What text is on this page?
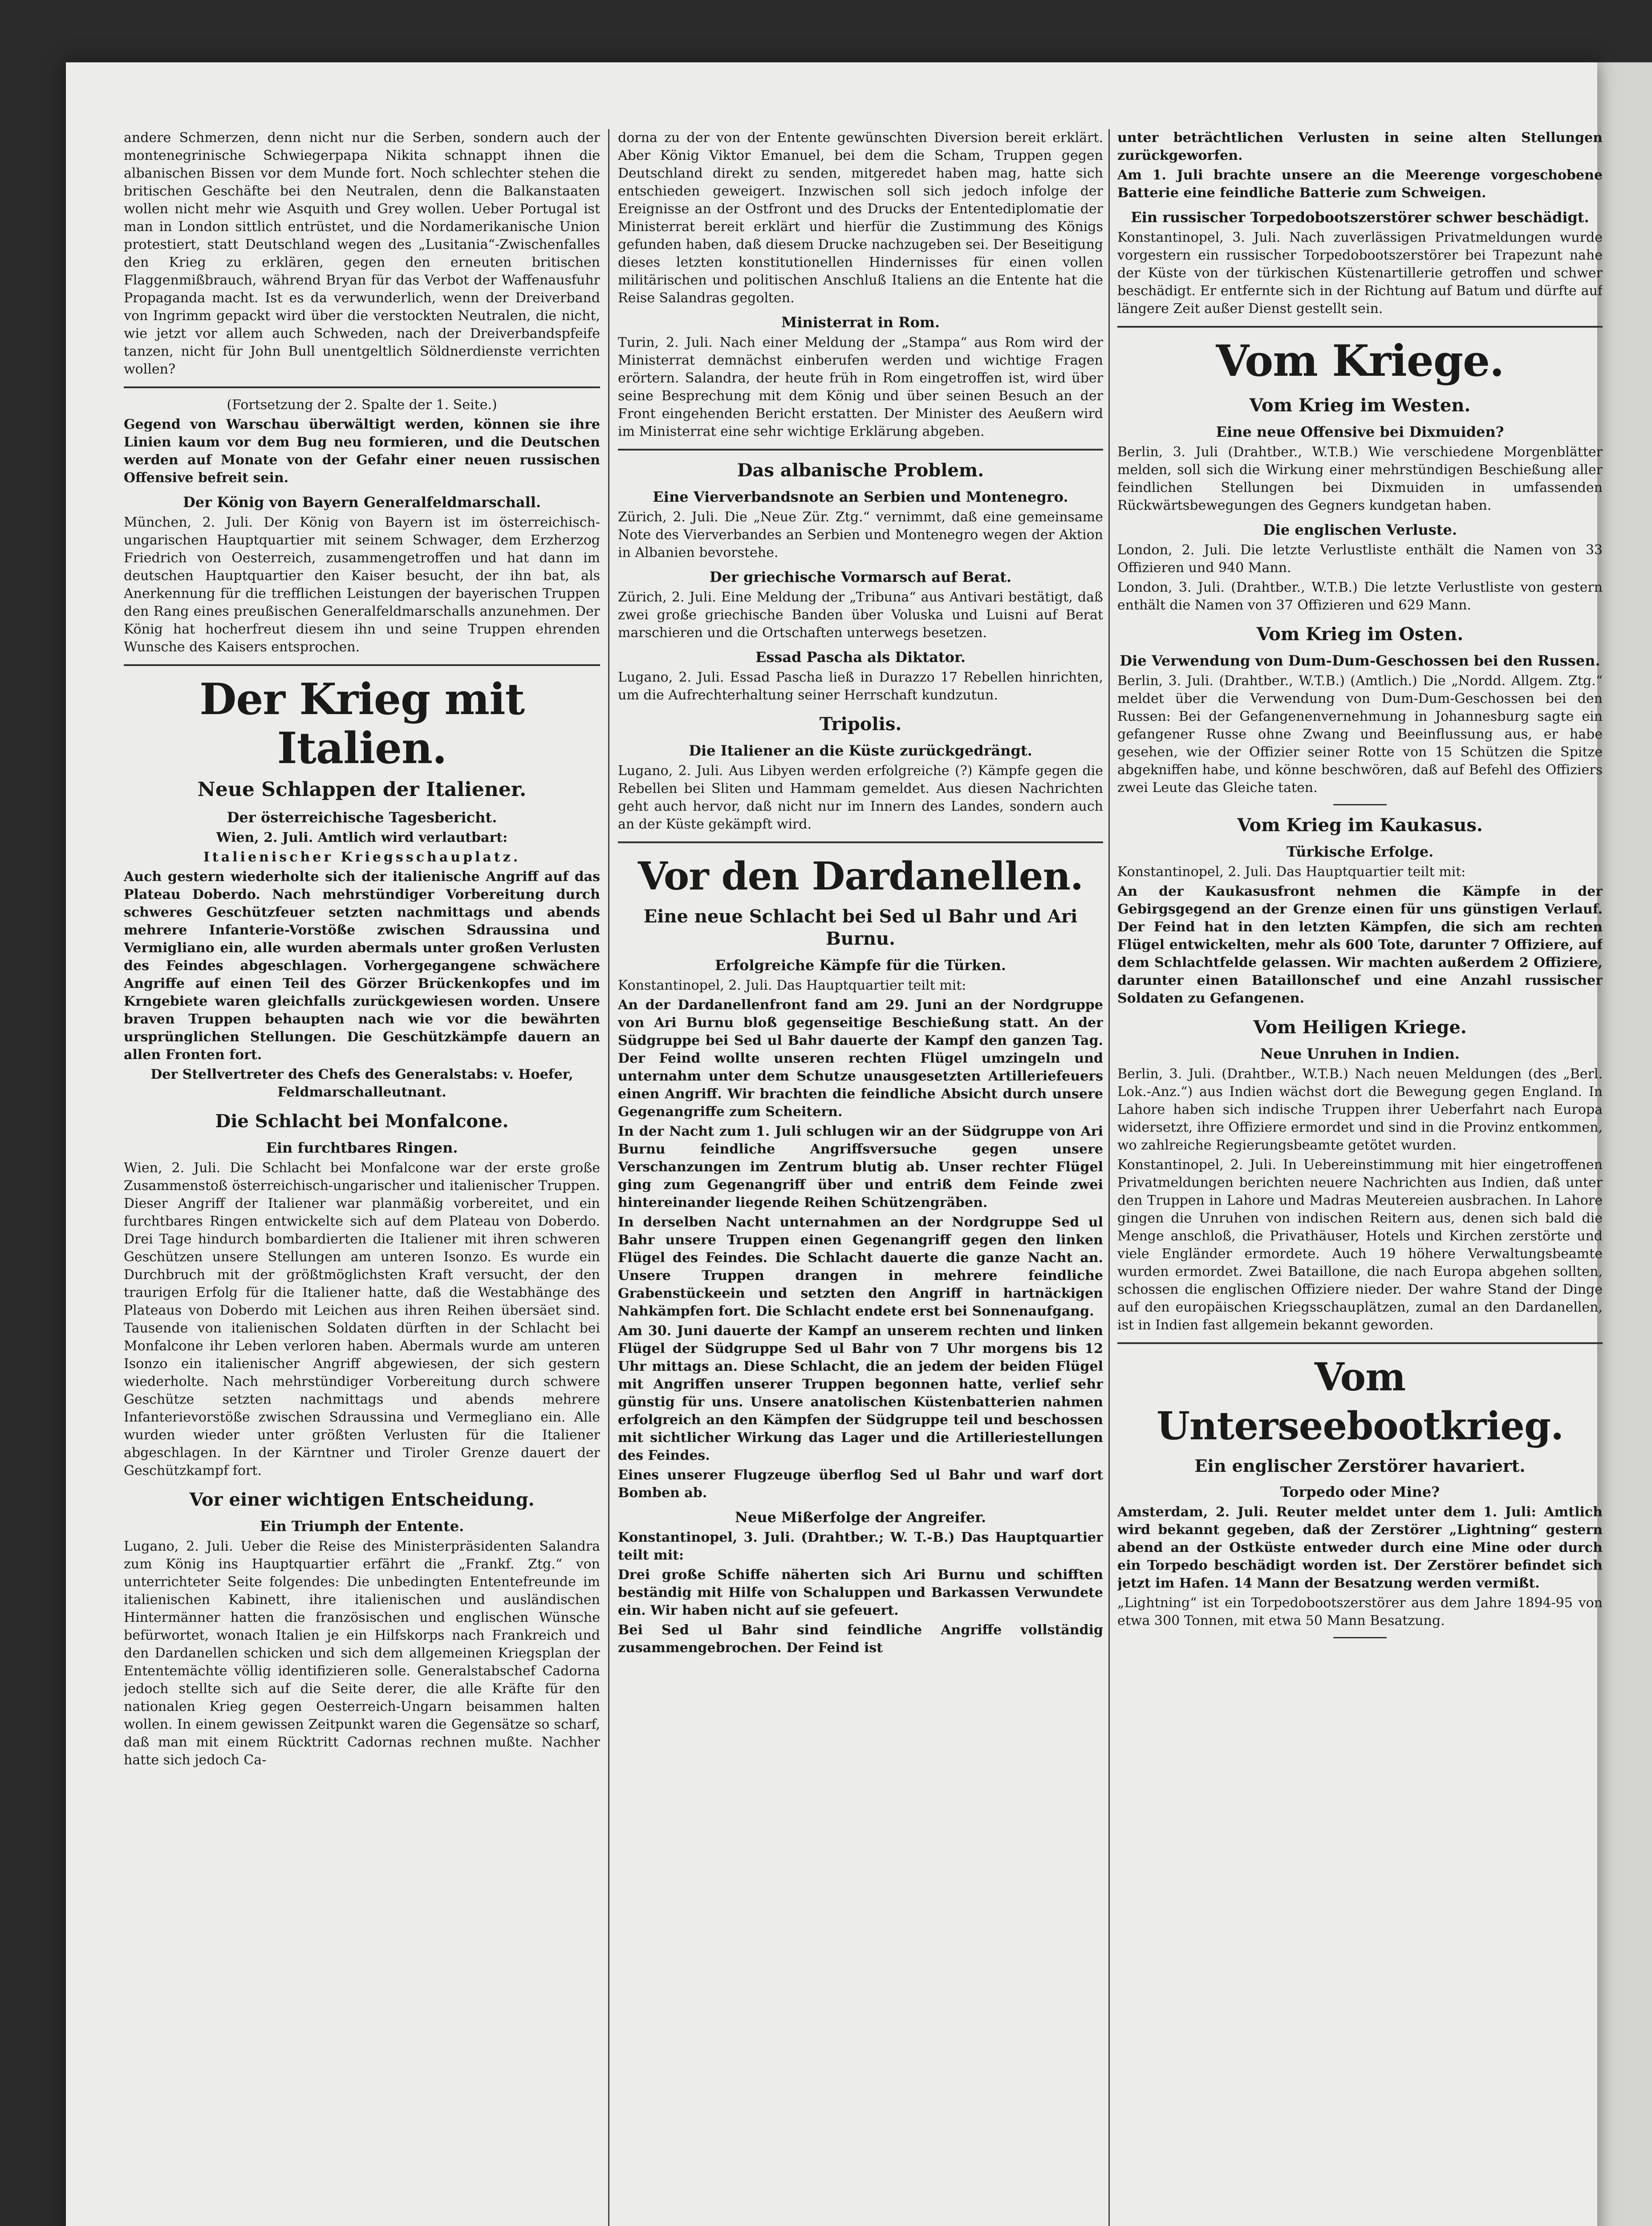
andere Schmerzen, denn nicht nur die Serben, sondern auch der montenegrinische Schwiegerpapa Nikita schnappt ihnen die albanischen Bissen vor dem Munde fort. Noch schlechter stehen die britischen Geschäfte bei den Neutralen, denn die Balkanstaaten wollen nicht mehr wie Asquith und Grey wollen. Ueber Portugal ist man in London sittlich entrüstet, und die Nordamerikanische Union protestiert, statt Deutschland wegen des „Lusitania“-Zwischenfalles den Krieg zu erklären, gegen den erneuten britischen Flaggenmißbrauch, während Bryan für das Verbot der Waffenausfuhr Propaganda macht. Ist es da verwunderlich, wenn der Dreiverband von Ingrimm gepackt wird über die verstockten Neutralen, die nicht, wie jetzt vor allem auch Schweden, nach der Dreiverbandspfeife tanzen, nicht für John Bull unentgeltlich Söldnerdienste verrichten wollen?

(Fortsetzung der 2. Spalte der 1. Seite.)

Gegend von Warschau überwältigt werden, können sie ihre Linien kaum vor dem Bug neu formieren, und die Deutschen werden auf Monate von der Gefahr einer neuen russischen Offensive befreit sein.

Der König von Bayern Generalfeldmarschall.

München, 2. Juli. Der König von Bayern ist im österreichisch-ungarischen Hauptquartier mit seinem Schwager, dem Erzherzog Friedrich von Oesterreich, zusammengetroffen und hat dann im deutschen Hauptquartier den Kaiser besucht, der ihn bat, als Anerkennung für die trefflichen Leistungen der bayerischen Truppen den Rang eines preußischen Generalfeldmarschalls anzunehmen. Der König hat hocherfreut diesem ihn und seine Truppen ehrenden Wunsche des Kaisers entsprochen.

Der Krieg mit Italien.
Neue Schlappen der Italiener.
Der österreichische Tagesbericht.

Wien, 2. Juli. Amtlich wird verlautbart:

Italienischer Kriegsschauplatz.

Auch gestern wiederholte sich der italienische Angriff auf das Plateau Doberdo. Nach mehrstündiger Vorbereitung durch schweres Geschützfeuer setzten nachmittags und abends mehrere Infanterie-Vorstöße zwischen Sdraussina und Vermigliano ein, alle wurden abermals unter großen Verlusten des Feindes abgeschlagen. Vorhergegangene schwächere Angriffe auf einen Teil des Görzer Brückenkopfes und im Krngebiete waren gleichfalls zurückgewiesen worden. Unsere braven Truppen behaupten nach wie vor die bewährten ursprünglichen Stellungen. Die Geschützkämpfe dauern an allen Fronten fort.

Der Stellvertreter des Chefs des Generalstabs: v. Hoefer, Feldmarschalleutnant.

Die Schlacht bei Monfalcone.
Ein furchtbares Ringen.

Wien, 2. Juli. Die Schlacht bei Monfalcone war der erste große Zusammenstoß österreichisch-ungarischer und italienischer Truppen. Dieser Angriff der Italiener war planmäßig vorbereitet, und ein furchtbares Ringen entwickelte sich auf dem Plateau von Doberdo. Drei Tage hindurch bombardierten die Italiener mit ihren schweren Geschützen unsere Stellungen am unteren Isonzo. Es wurde ein Durchbruch mit der größtmöglichsten Kraft versucht, der den traurigen Erfolg für die Italiener hatte, daß die Westabhänge des Plateaus von Doberdo mit Leichen aus ihren Reihen übersäet sind. Tausende von italienischen Soldaten dürften in der Schlacht bei Monfalcone ihr Leben verloren haben. Abermals wurde am unteren Isonzo ein italienischer Angriff abgewiesen, der sich gestern wiederholte. Nach mehrstündiger Vorbereitung durch schwere Geschütze setzten nachmittags und abends mehrere Infanterievorstöße zwischen Sdraussina und Vermegliano ein. Alle wurden wieder unter größten Verlusten für die Italiener abgeschlagen. In der Kärntner und Tiroler Grenze dauert der Geschützkampf fort.

Vor einer wichtigen Entscheidung.
Ein Triumph der Entente.

Lugano, 2. Juli. Ueber die Reise des Ministerpräsidenten Salandra zum König ins Hauptquartier erfährt die „Frankf. Ztg.“ von unterrichteter Seite folgendes: Die unbedingten Ententefreunde im italienischen Kabinett, ihre italienischen und ausländischen Hintermänner hatten die französischen und englischen Wünsche befürwortet, wonach Italien je ein Hilfskorps nach Frankreich und den Dardanellen schicken und sich dem allgemeinen Kriegsplan der Ententemächte völlig identifizieren solle. Generalstabschef Cadorna jedoch stellte sich auf die Seite derer, die alle Kräfte für den nationalen Krieg gegen Oesterreich-Ungarn beisammen halten wollen. In einem gewissen Zeitpunkt waren die Gegensätze so scharf, daß man mit einem Rücktritt Cadornas rechnen mußte. Nachher hatte sich jedoch Ca-

dorna zu der von der Entente gewünschten Diversion bereit erklärt. Aber König Viktor Emanuel, bei dem die Scham, Truppen gegen Deutschland direkt zu senden, mitgeredet haben mag, hatte sich entschieden geweigert. Inzwischen soll sich jedoch infolge der Ereignisse an der Ostfront und des Drucks der Ententediplomatie der Ministerrat bereit erklärt und hierfür die Zustimmung des Königs gefunden haben, daß diesem Drucke nachzugeben sei. Der Beseitigung dieses letzten konstitutionellen Hindernisses für einen vollen militärischen und politischen Anschluß Italiens an die Entente hat die Reise Salandras gegolten.

Ministerrat in Rom.

Turin, 2. Juli. Nach einer Meldung der „Stampa“ aus Rom wird der Ministerrat demnächst einberufen werden und wichtige Fragen erörtern. Salandra, der heute früh in Rom eingetroffen ist, wird über seine Besprechung mit dem König und über seinen Besuch an der Front eingehenden Bericht erstatten. Der Minister des Aeußern wird im Ministerrat eine sehr wichtige Erklärung abgeben.

Das albanische Problem.
Eine Vierverbandsnote an Serbien und Montenegro.

Zürich, 2. Juli. Die „Neue Zür. Ztg.“ vernimmt, daß eine gemeinsame Note des Vierverbandes an Serbien und Montenegro wegen der Aktion in Albanien bevorstehe.

Der griechische Vormarsch auf Berat.

Zürich, 2. Juli. Eine Meldung der „Tribuna“ aus Antivari bestätigt, daß zwei große griechische Banden über Voluska und Luisni auf Berat marschieren und die Ortschaften unterwegs besetzen.

Essad Pascha als Diktator.

Lugano, 2. Juli. Essad Pascha ließ in Durazzo 17 Rebellen hinrichten, um die Aufrechterhaltung seiner Herrschaft kundzutun.

Tripolis.
Die Italiener an die Küste zurückgedrängt.

Lugano, 2. Juli. Aus Libyen werden erfolgreiche (?) Kämpfe gegen die Rebellen bei Sliten und Hammam gemeldet. Aus diesen Nachrichten geht auch hervor, daß nicht nur im Innern des Landes, sondern auch an der Küste gekämpft wird.

Vor den Dardanellen.
Eine neue Schlacht bei Sed ul Bahr und Ari Burnu.
Erfolgreiche Kämpfe für die Türken.

Konstantinopel, 2. Juli. Das Hauptquartier teilt mit:

An der Dardanellenfront fand am 29. Juni an der Nordgruppe von Ari Burnu bloß gegenseitige Beschießung statt. An der Südgruppe bei Sed ul Bahr dauerte der Kampf den ganzen Tag. Der Feind wollte unseren rechten Flügel umzingeln und unternahm unter dem Schutze unausgesetzten Artilleriefeuers einen Angriff. Wir brachten die feindliche Absicht durch unsere Gegenangriffe zum Scheitern.

In der Nacht zum 1. Juli schlugen wir an der Südgruppe von Ari Burnu feindliche Angriffsversuche gegen unsere Verschanzungen im Zentrum blutig ab. Unser rechter Flügel ging zum Gegenangriff über und entriß dem Feinde zwei hintereinander liegende Reihen Schützengräben.

In derselben Nacht unternahmen an der Nordgruppe Sed ul Bahr unsere Truppen einen Gegenangriff gegen den linken Flügel des Feindes. Die Schlacht dauerte die ganze Nacht an. Unsere Truppen drangen in mehrere feindliche Grabenstückeein und setzten den Angriff in hartnäckigen Nahkämpfen fort. Die Schlacht endete erst bei Sonnenaufgang.

Am 30. Juni dauerte der Kampf an unserem rechten und linken Flügel der Südgruppe Sed ul Bahr von 7 Uhr morgens bis 12 Uhr mittags an. Diese Schlacht, die an jedem der beiden Flügel mit Angriffen unserer Truppen begonnen hatte, verlief sehr günstig für uns. Unsere anatolischen Küstenbatterien nahmen erfolgreich an den Kämpfen der Südgruppe teil und beschossen mit sichtlicher Wirkung das Lager und die Artilleriestellungen des Feindes.

Eines unserer Flugzeuge überflog Sed ul Bahr und warf dort Bomben ab.

Neue Mißerfolge der Angreifer.

Konstantinopel, 3. Juli. (Drahtber.; W. T.-B.) Das Hauptquartier teilt mit:

Drei große Schiffe näherten sich Ari Burnu und schifften beständig mit Hilfe von Schaluppen und Barkassen Verwundete ein. Wir haben nicht auf sie gefeuert.

Bei Sed ul Bahr sind feindliche Angriffe vollständig zusammengebrochen. Der Feind ist

unter beträchtlichen Verlusten in seine alten Stellungen zurückgeworfen.

Am 1. Juli brachte unsere an die Meerenge vorgeschobene Batterie eine feindliche Batterie zum Schweigen.

Ein russischer Torpedobootszerstörer schwer beschädigt.

Konstantinopel, 3. Juli. Nach zuverlässigen Privatmeldungen wurde vorgestern ein russischer Torpedobootszerstörer bei Trapezunt nahe der Küste von der türkischen Küstenartillerie getroffen und schwer beschädigt. Er entfernte sich in der Richtung auf Batum und dürfte auf längere Zeit außer Dienst gestellt sein.

Vom Kriege.
Vom Krieg im Westen.
Eine neue Offensive bei Dixmuiden?

Berlin, 3. Juli (Drahtber., W.T.B.) Wie verschiedene Morgenblätter melden, soll sich die Wirkung einer mehrstündigen Beschießung aller feindlichen Stellungen bei Dixmuiden in umfassenden Rückwärtsbewegungen des Gegners kundgetan haben.

Die englischen Verluste.

London, 2. Juli. Die letzte Verlustliste enthält die Namen von 33 Offizieren und 940 Mann.

London, 3. Juli. (Drahtber., W.T.B.) Die letzte Verlustliste von gestern enthält die Namen von 37 Offizieren und 629 Mann.

Vom Krieg im Osten.
Die Verwendung von Dum-Dum-Geschossen bei den Russen.

Berlin, 3. Juli. (Drahtber., W.T.B.) (Amtlich.) Die „Nordd. Allgem. Ztg.“ meldet über die Verwendung von Dum-Dum-Geschossen bei den Russen: Bei der Gefangenenvernehmung in Johannesburg sagte ein gefangener Russe ohne Zwang und Beeinflussung aus, er habe gesehen, wie der Offizier seiner Rotte von 15 Schützen die Spitze abgekniffen habe, und könne beschwören, daß auf Befehl des Offiziers zwei Leute das Gleiche taten.

Vom Krieg im Kaukasus.
Türkische Erfolge.

Konstantinopel, 2. Juli. Das Hauptquartier teilt mit:

An der Kaukasusfront nehmen die Kämpfe in der Gebirgsgegend an der Grenze einen für uns günstigen Verlauf. Der Feind hat in den letzten Kämpfen, die sich am rechten Flügel entwickelten, mehr als 600 Tote, darunter 7 Offiziere, auf dem Schlachtfelde gelassen. Wir machten außerdem 2 Offiziere, darunter einen Bataillonschef und eine Anzahl russischer Soldaten zu Gefangenen.

Vom Heiligen Kriege.
Neue Unruhen in Indien.

Berlin, 3. Juli. (Drahtber., W.T.B.) Nach neuen Meldungen (des „Berl. Lok.-Anz.“) aus Indien wächst dort die Bewegung gegen England. In Lahore haben sich indische Truppen ihrer Ueberfahrt nach Europa widersetzt, ihre Offiziere ermordet und sind in die Provinz entkommen, wo zahlreiche Regierungsbeamte getötet wurden.

Konstantinopel, 2. Juli. In Uebereinstimmung mit hier eingetroffenen Privatmeldungen berichten neuere Nachrichten aus Indien, daß unter den Truppen in Lahore und Madras Meutereien ausbrachen. In Lahore gingen die Unruhen von indischen Reitern aus, denen sich bald die Menge anschloß, die Privathäuser, Hotels und Kirchen zerstörte und viele Engländer ermordete. Auch 19 höhere Verwaltungsbeamte wurden ermordet. Zwei Bataillone, die nach Europa abgehen sollten, schossen die englischen Offiziere nieder. Der wahre Stand der Dinge auf den europäischen Kriegsschauplätzen, zumal an den Dardanellen, ist in Indien fast allgemein bekannt geworden.

Vom Unterseebootkrieg.
Ein englischer Zerstörer havariert.
Torpedo oder Mine?

Amsterdam, 2. Juli. Reuter meldet unter dem 1. Juli: Amtlich wird bekannt gegeben, daß der Zerstörer „Lightning“ gestern abend an der Ostküste entweder durch eine Mine oder durch ein Torpedo beschädigt worden ist. Der Zerstörer befindet sich jetzt im Hafen. 14 Mann der Besatzung werden vermißt.

„Lightning“ ist ein Torpedobootszerstörer aus dem Jahre 1894-95 von etwa 300 Tonnen, mit etwa 50 Mann Besatzung.
